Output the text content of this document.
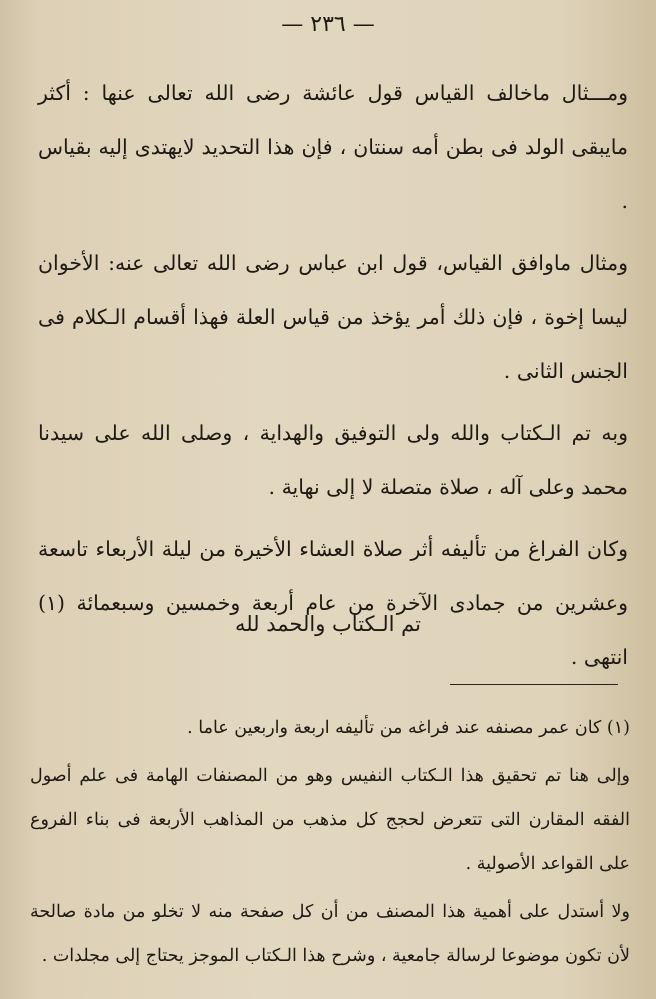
— ٢٣٦ —

ومـــثال ماخالف القياس قول عائشة رضى الله تعالى عنها : أكثر مايبقى الولد فى بطن أمه سنتان ، فإن هذا التحديد لايهتدى إليه بقياس .

ومثال ماوافق القياس، قول ابن عباس رضى الله تعالى عنه: الأخوان ليسا إخوة ، فإن ذلك أمر يؤخذ من قياس العلة فهذا أقسام الـكلام فى الجنس الثانى .

وبه تم الـكتاب والله ولى التوفيق والهداية ، وصلى الله على سيدنا محمد وعلى آله ، صلاة متصلة لا إلى نهاية .

وكان الفراغ من تأليفه أثر صلاة العشاء الأخيرة من ليلة الأربعاء تاسعة وعشرين من جمادى الآخرة من عام أربعة وخمسين وسبعمائة (١) انتهى .

تم الـكتاب والحمد لله

(١) كان عمر مصنفه عند فراغه من تأليفه اربعة واربعين عاما .

وإلى هنا تم تحقيق هذا الـكتاب النفيس وهو من المصنفات الهامة فى علم أصول الفقه المقارن التى تتعرض لحجج كل مذهب من المذاهب الأربعة فى بناء الفروع على القواعد الأصولية .

ولا أستدل على أهمية هذا المصنف من أن كل صفحة منه لا تخلو من مادة صالحة لأن تكون موضوعا لرسالة جامعية ، وشرح هذا الـكتاب الموجز يحتاج إلى مجلدات .
